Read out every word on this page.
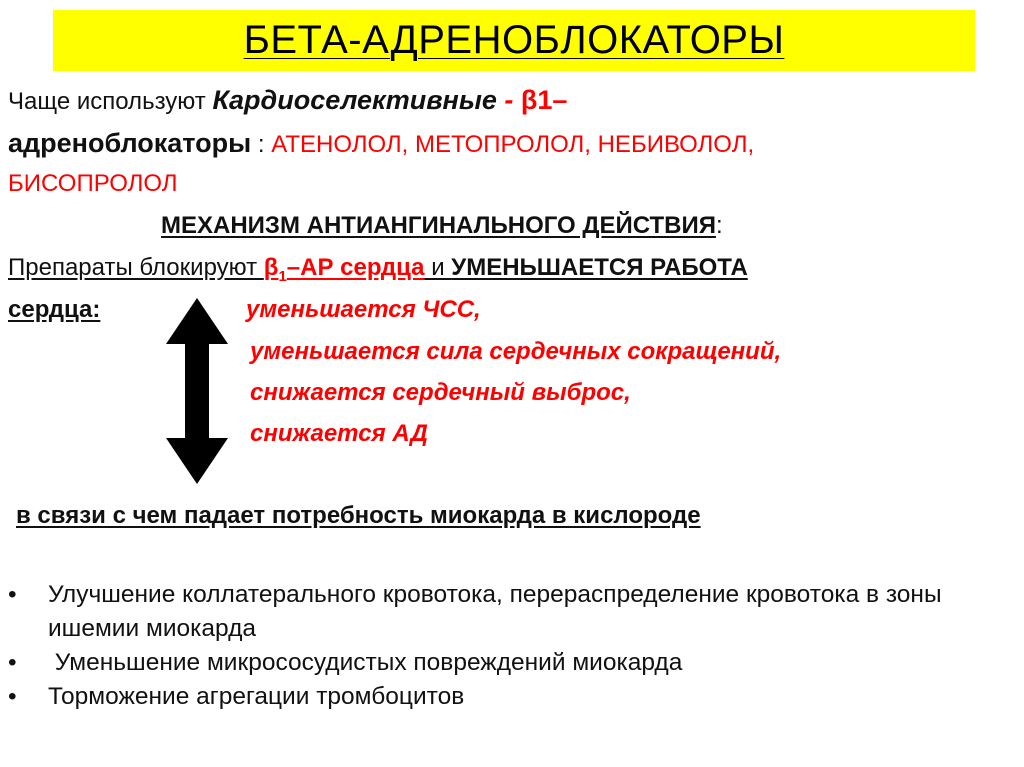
БЕТА-АДРЕНОБЛОКАТОРЫ
Чаще используют Кардиоселективные - β1–
адреноблокаторы : АТЕНОЛОЛ, МЕТОПРОЛОЛ, НЕБИВОЛОЛ,
БИСОПРОЛОЛ
МЕХАНИЗМ АНТИАНГИНАЛЬНОГО ДЕЙСТВИЯ:
Препараты блокируют $\beta_1-АР$ сердца и УМЕНЬШАЕТСЯ РАБОТА
сердца:	уменьшается ЧСС,
уменьшается сила сердечных сокращений,
снижается сердечный выброс,
снижается АД
в связи с чем падает потребность миокарда в кислороде
•	Улучшение коллатерального кровотока, перераспределение кровотока в зоны ишемии миокарда
•	Уменьшение микрососудистых повреждений миокарда
•	Торможение агрегации тромбоцитов
